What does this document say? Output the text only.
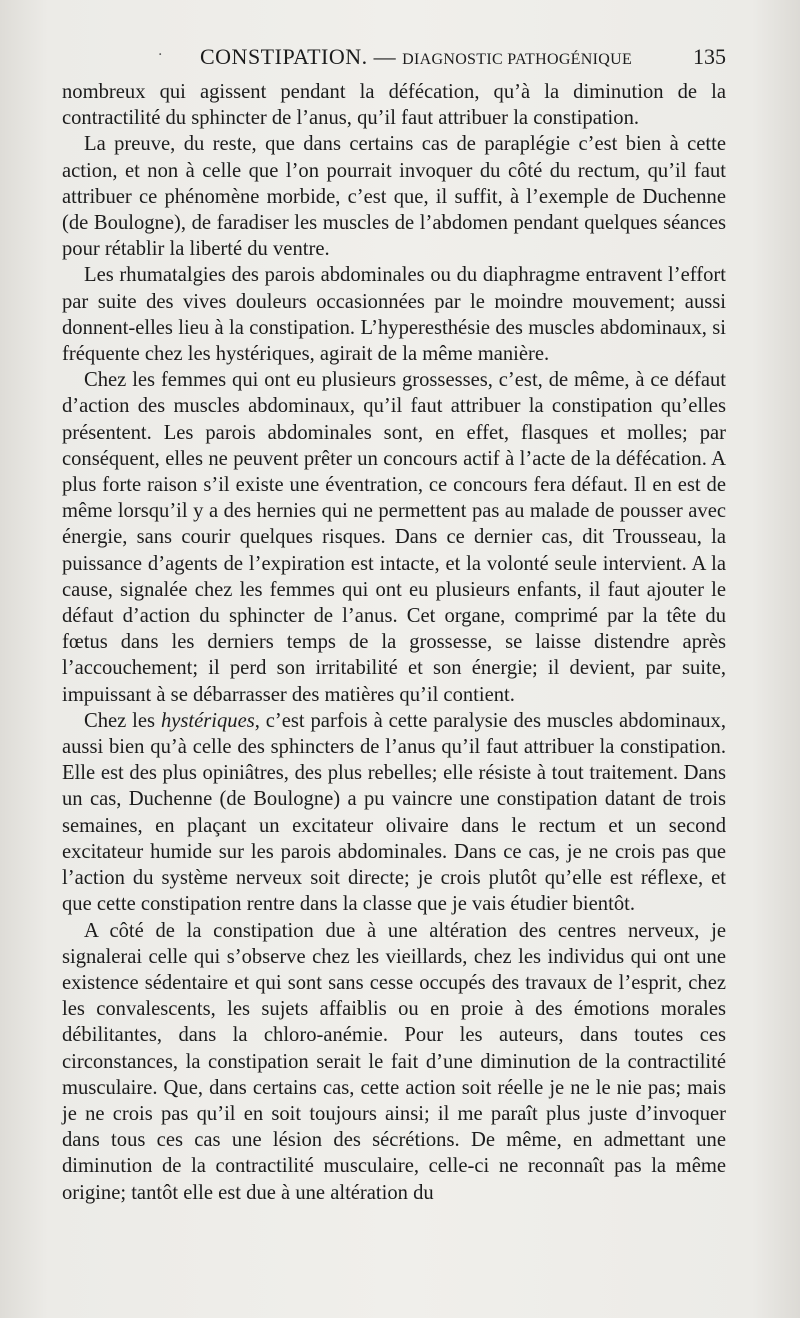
· CONSTIPATION. — DIAGNOSTIC PATHOGÉNIQUE	135

nombreux qui agissent pendant la défécation, qu’à la diminution de la contractilité du sphincter de l’anus, qu’il faut attribuer la constipation.

La preuve, du reste, que dans certains cas de paraplégie c’est bien à cette action, et non à celle que l’on pourrait invoquer du côté du rectum, qu’il faut attribuer ce phénomène morbide, c’est que, il suffit, à l’exemple de Duchenne (de Boulogne), de faradiser les muscles de l’abdomen pendant quelques séances pour rétablir la liberté du ventre.

Les rhumatalgies des parois abdominales ou du diaphragme entravent l’effort par suite des vives douleurs occasionnées par le moindre mouvement; aussi donnent-elles lieu à la constipation. L’hyperesthésie des muscles abdominaux, si fréquente chez les hystériques, agirait de la même manière.

Chez les femmes qui ont eu plusieurs grossesses, c’est, de même, à ce défaut d’action des muscles abdominaux, qu’il faut attribuer la constipation qu’elles présentent. Les parois abdominales sont, en effet, flasques et molles; par conséquent, elles ne peuvent prêter un concours actif à l’acte de la défécation. A plus forte raison s’il existe une éventration, ce concours fera défaut. Il en est de même lorsqu’il y a des hernies qui ne permettent pas au malade de pousser avec énergie, sans courir quelques risques. Dans ce dernier cas, dit Trousseau, la puissance d’agents de l’expiration est intacte, et la volonté seule intervient. A la cause, signalée chez les femmes qui ont eu plusieurs enfants, il faut ajouter le défaut d’action du sphincter de l’anus. Cet organe, comprimé par la tête du fœtus dans les derniers temps de la grossesse, se laisse distendre après l’accouchement; il perd son irritabilité et son énergie; il devient, par suite, impuissant à se débarrasser des matières qu’il contient.

Chez les hystériques, c’est parfois à cette paralysie des muscles abdominaux, aussi bien qu’à celle des sphincters de l’anus qu’il faut attribuer la constipation. Elle est des plus opiniâtres, des plus rebelles; elle résiste à tout traitement. Dans un cas, Duchenne (de Boulogne) a pu vaincre une constipation datant de trois semaines, en plaçant un excitateur olivaire dans le rectum et un second excitateur humide sur les parois abdominales. Dans ce cas, je ne crois pas que l’action du système nerveux soit directe; je crois plutôt qu’elle est réflexe, et que cette constipation rentre dans la classe que je vais étudier bientôt.

A côté de la constipation due à une altération des centres nerveux, je signalerai celle qui s’observe chez les vieillards, chez les individus qui ont une existence sédentaire et qui sont sans cesse occupés des travaux de l’esprit, chez les convalescents, les sujets affaiblis ou en proie à des émotions morales débilitantes, dans la chloro-anémie. Pour les auteurs, dans toutes ces circonstances, la constipation serait le fait d’une diminution de la contractilité musculaire. Que, dans certains cas, cette action soit réelle je ne le nie pas; mais je ne crois pas qu’il en soit toujours ainsi; il me paraît plus juste d’invoquer dans tous ces cas une lésion des sécrétions. De même, en admettant une diminution de la contractilité musculaire, celle-ci ne reconnaît pas la même origine; tantôt elle est due à une altération du
